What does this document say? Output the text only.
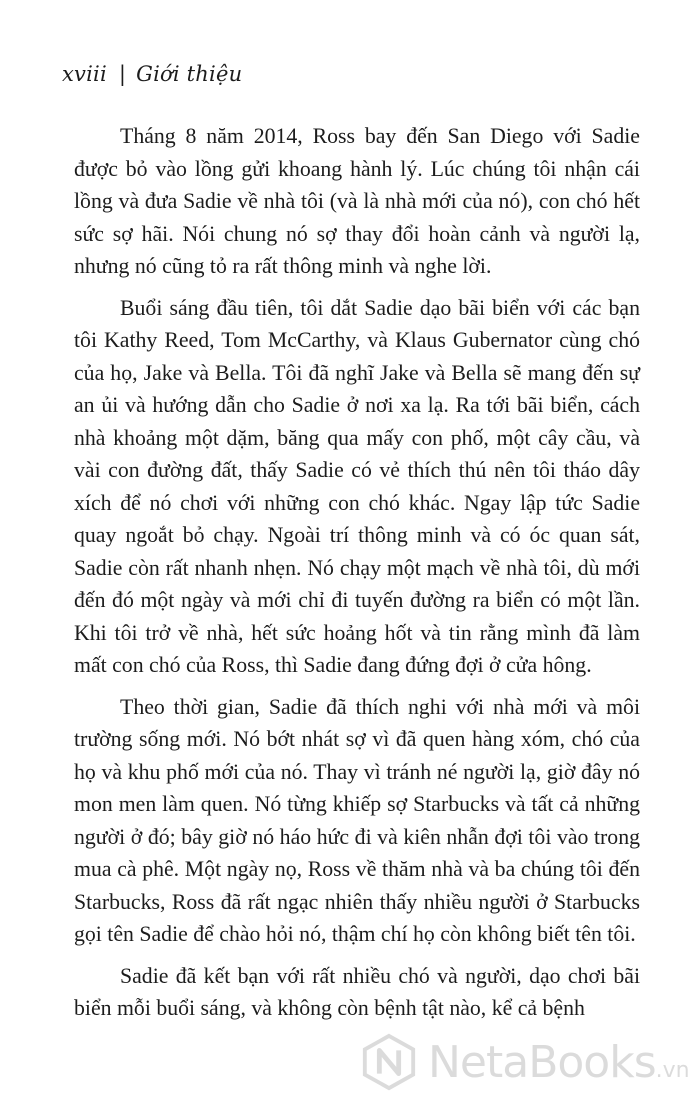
xviii | Giới thiệu

Tháng 8 năm 2014, Ross bay đến San Diego với Sadie được bỏ vào lồng gửi khoang hành lý. Lúc chúng tôi nhận cái lồng và đưa Sadie về nhà tôi (và là nhà mới của nó), con chó hết sức sợ hãi. Nói chung nó sợ thay đổi hoàn cảnh và người lạ, nhưng nó cũng tỏ ra rất thông minh và nghe lời.

Buổi sáng đầu tiên, tôi dắt Sadie dạo bãi biển với các bạn tôi Kathy Reed, Tom McCarthy, và Klaus Gubernator cùng chó của họ, Jake và Bella. Tôi đã nghĩ Jake và Bella sẽ mang đến sự an ủi và hướng dẫn cho Sadie ở nơi xa lạ. Ra tới bãi biển, cách nhà khoảng một dặm, băng qua mấy con phố, một cây cầu, và vài con đường đất, thấy Sadie có vẻ thích thú nên tôi tháo dây xích để nó chơi với những con chó khác. Ngay lập tức Sadie quay ngoắt bỏ chạy. Ngoài trí thông minh và có óc quan sát, Sadie còn rất nhanh nhẹn. Nó chạy một mạch về nhà tôi, dù mới đến đó một ngày và mới chỉ đi tuyến đường ra biển có một lần. Khi tôi trở về nhà, hết sức hoảng hốt và tin rằng mình đã làm mất con chó của Ross, thì Sadie đang đứng đợi ở cửa hông.

Theo thời gian, Sadie đã thích nghi với nhà mới và môi trường sống mới. Nó bớt nhát sợ vì đã quen hàng xóm, chó của họ và khu phố mới của nó. Thay vì tránh né người lạ, giờ đây nó mon men làm quen. Nó từng khiếp sợ Starbucks và tất cả những người ở đó; bây giờ nó háo hức đi và kiên nhẫn đợi tôi vào trong mua cà phê. Một ngày nọ, Ross về thăm nhà và ba chúng tôi đến Starbucks, Ross đã rất ngạc nhiên thấy nhiều người ở Starbucks gọi tên Sadie để chào hỏi nó, thậm chí họ còn không biết tên tôi.

Sadie đã kết bạn với rất nhiều chó và người, dạo chơi bãi biển mỗi buổi sáng, và không còn bệnh tật nào, kể cả bệnh

NetaBooks.vn
